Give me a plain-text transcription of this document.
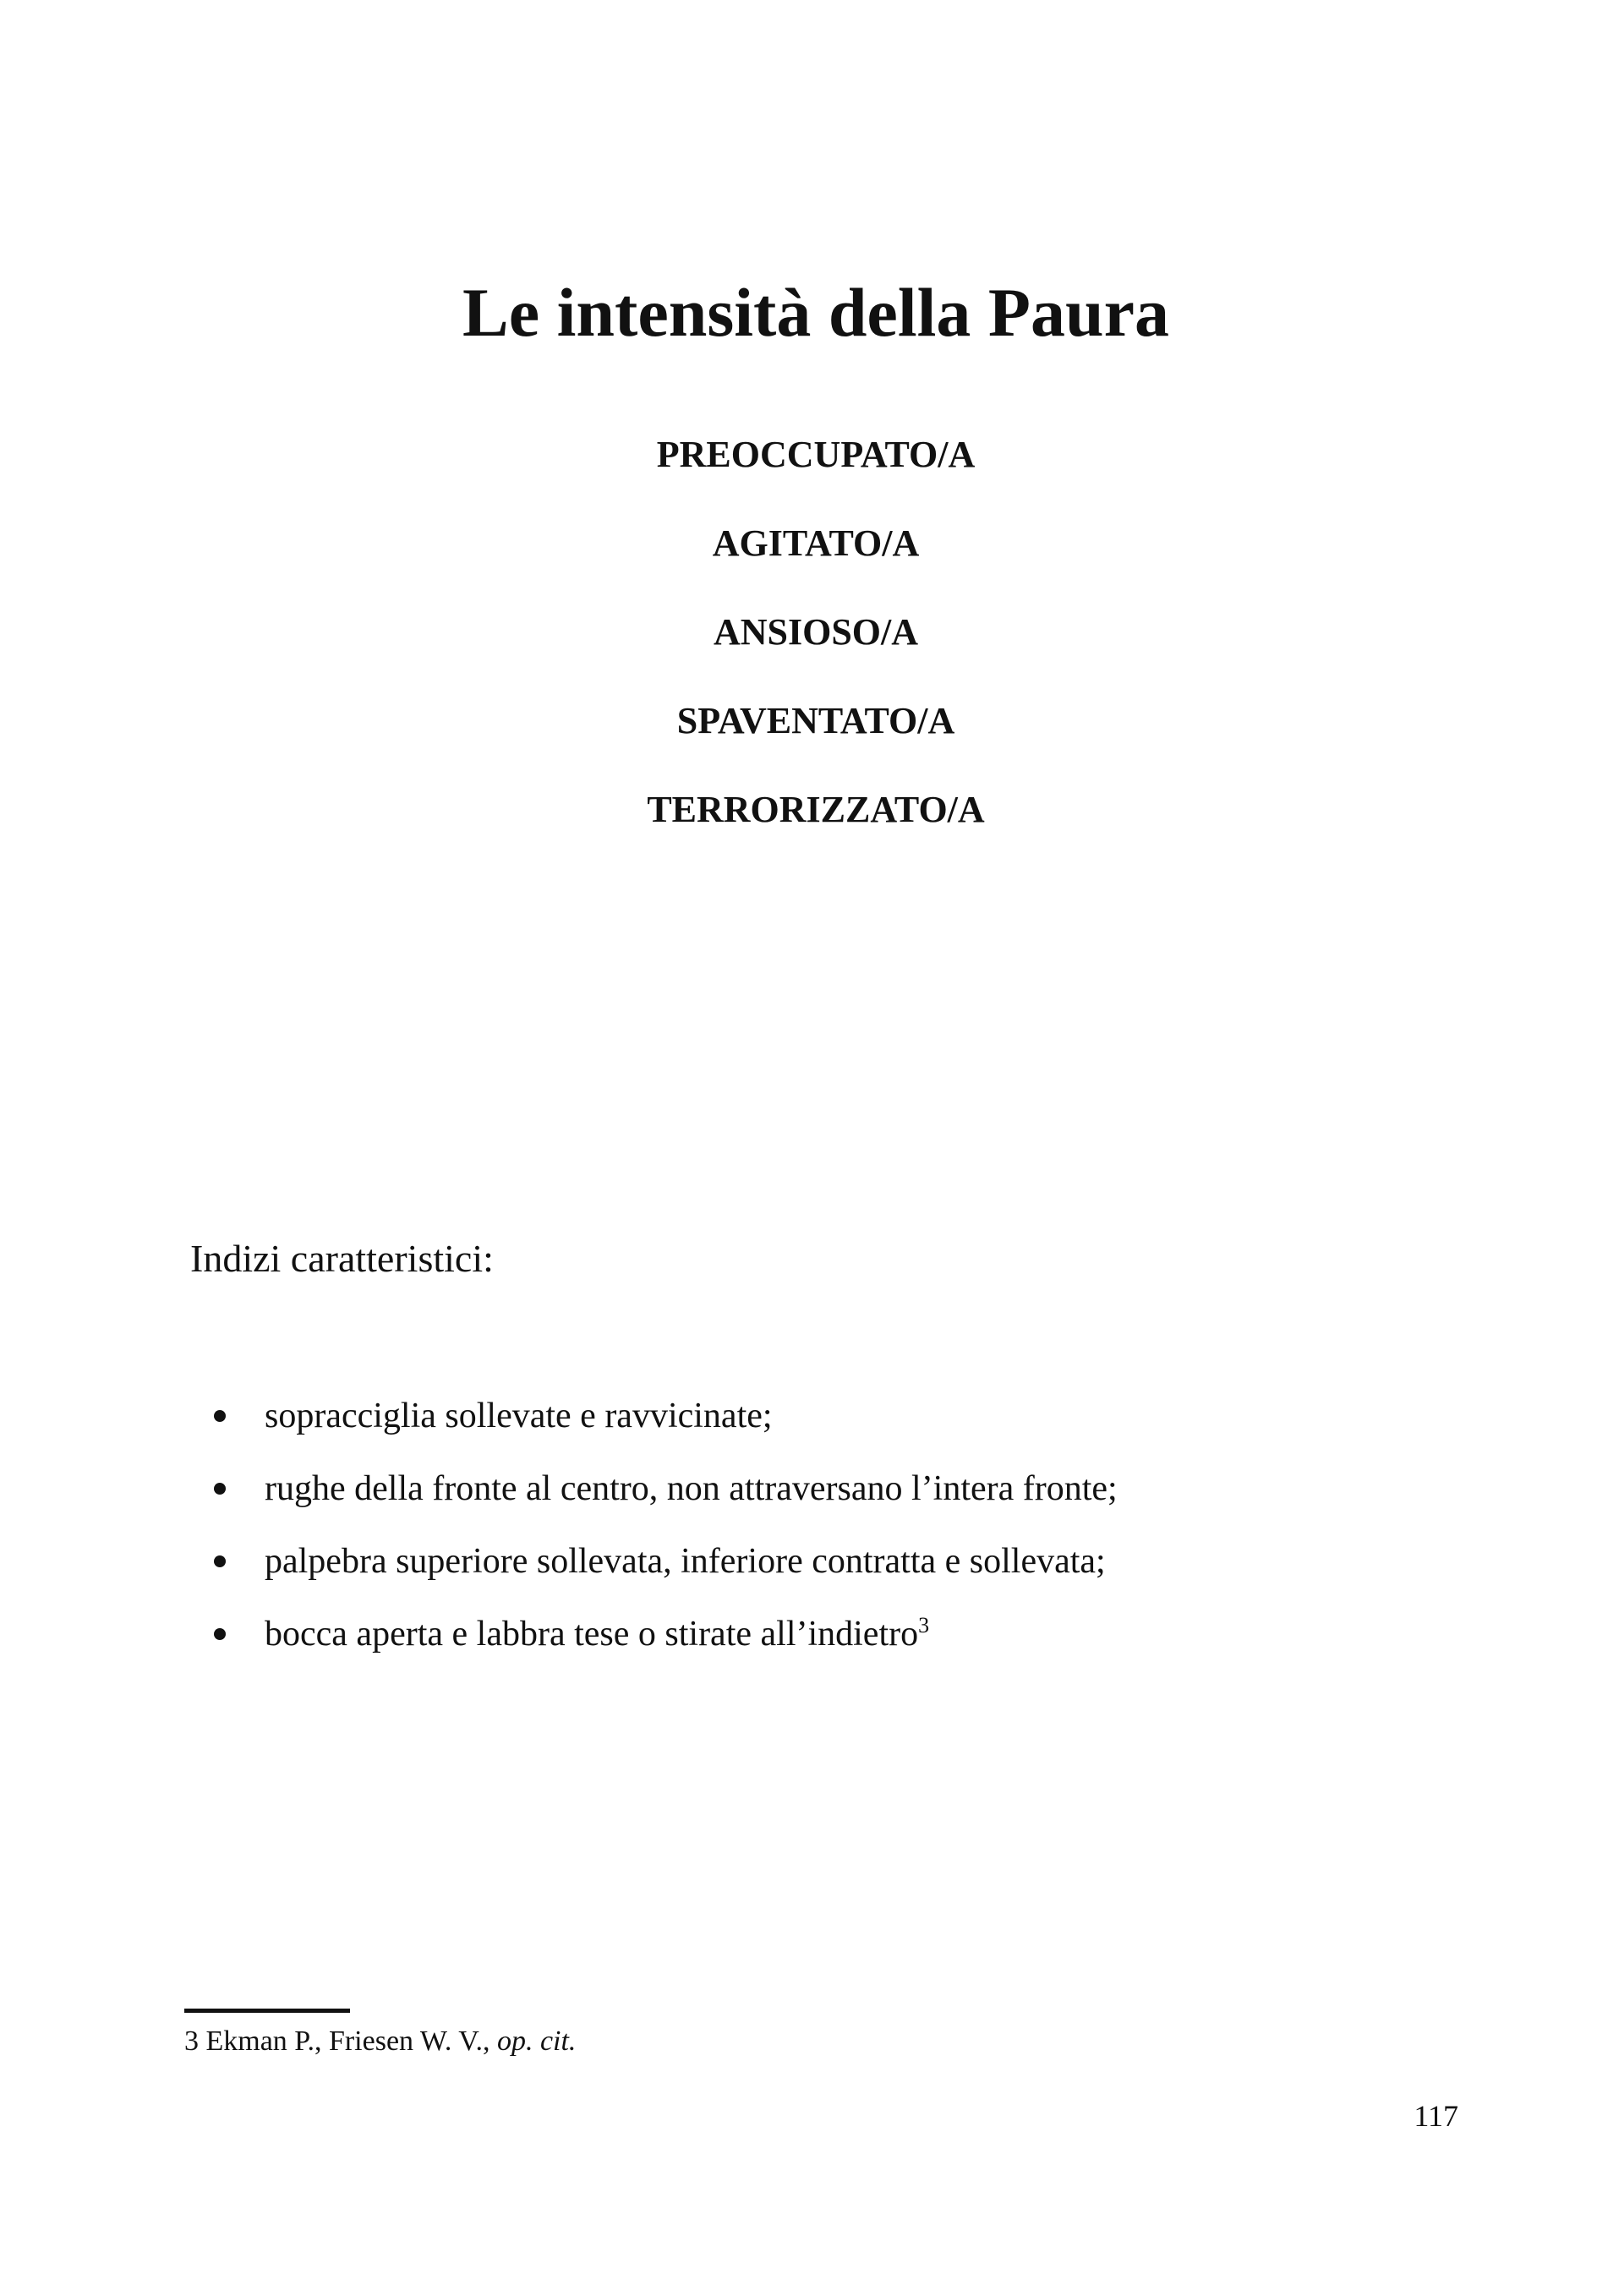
Le intensità della Paura
PREOCCUPATO/A
AGITATO/A
ANSIOSO/A
SPAVENTATO/A
TERRORIZZATO/A
Indizi caratteristici:
sopracciglia sollevate e ravvicinate;
rughe della fronte al centro, non attraversano l’intera fronte;
palpebra superiore sollevata, inferiore contratta e sollevata;
bocca aperta e labbra tese o stirate all’indietro$^3$
3 Ekman P., Friesen W. V., op. cit.
117
